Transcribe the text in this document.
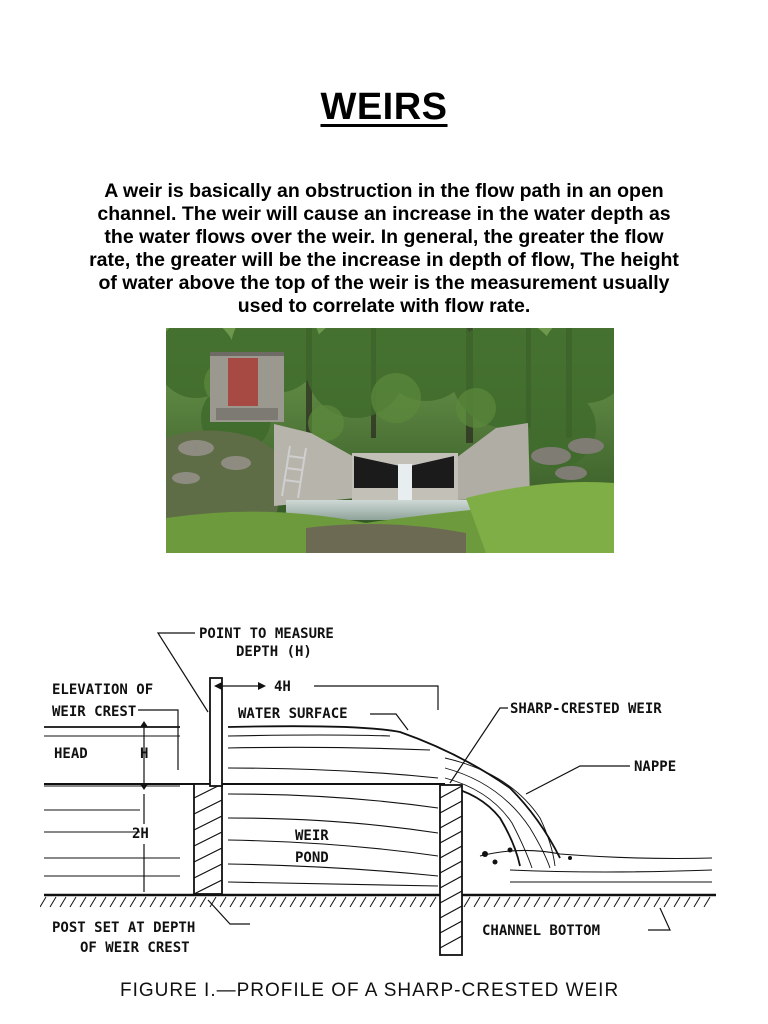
WEIRS

A weir is basically an obstruction in the flow path in an open channel. The weir will cause an increase in the water depth as the water flows over the weir. In general, the greater the flow rate, the greater will be the increase in depth of flow, The height of water above the top of the weir is the measurement usually used to correlate with flow rate.

POINT TO MEASURE
DEPTH (H)
ELEVATION OF
WEIR CREST
4H
WATER SURFACE	SHARP-CRESTED WEIR
NAPPE
HEAD	H
2H	WEIR
POND
POST SET AT DEPTH
OF WEIR CREST
CHANNEL BOTTOM
FIGURE I.—PROFILE OF A SHARP-CRESTED WEIR
